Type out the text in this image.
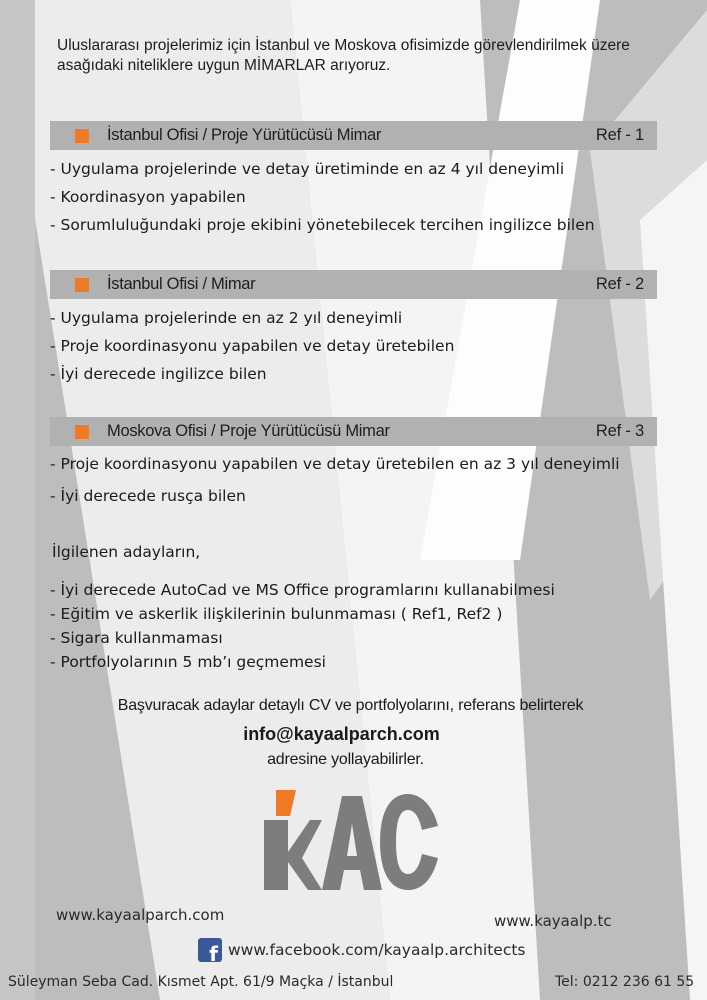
Uluslararası projelerimiz için İstanbul ve Moskova ofisimizde görevlendirilmek üzere

asağıdaki niteliklere uygun MİMARLAR arıyoruz.

İstanbul Ofisi / Proje Yürütücüsü Mimar	Ref - 1
- Uygulama projelerinde ve detay üretiminde en az 4 yıl deneyimli
- Koordinasyon yapabilen
- Sorumluluğundaki proje ekibini yönetebilecek tercihen ingilizce bilen
İstanbul Ofisi / Mimar	Ref - 2
- Uygulama projelerinde en az 2 yıl deneyimli
- Proje koordinasyonu yapabilen ve detay üretebilen
- İyi derecede ingilizce bilen
Moskova Ofisi / Proje Yürütücüsü Mimar	Ref - 3
- Proje koordinasyonu yapabilen ve detay üretebilen en az 3 yıl deneyimli
- İyi derecede rusça bilen
İlgilenen adayların,
- İyi derecede AutoCad ve MS Office programlarını kullanabilmesi
- Eğitim ve askerlik ilişkilerinin bulunmaması ( Ref1, Ref2 )
- Sigara kullanmaması
- Portfolyolarının 5 mb’ı geçmemesi
Başvuracak adaylar detaylı CV ve portfolyolarını, referans belirterek
info@kayaalparch.com
adresine yollayabilirler.
www.kayaalparch.com	www.kayaalp.tc
f www.facebook.com/kayaalp.architects
Süleyman Seba Cad. Kısmet Apt. 61/9 Maçka / İstanbul	Tel: 0212 236 61 55
